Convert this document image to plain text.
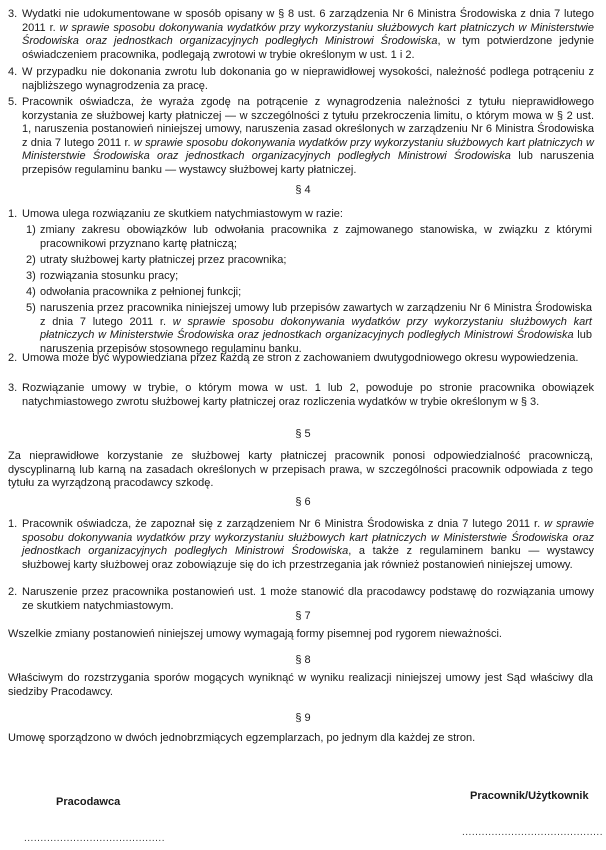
3. Wydatki nie udokumentowane w sposób opisany w § 8 ust. 6 zarządzenia Nr 6 Ministra Środowiska z dnia 7 lutego 2011 r. w sprawie sposobu dokonywania wydatków przy wykorzystaniu służbowych kart płatniczych w Ministerstwie Środowiska oraz jednostkach organizacyjnych podległych Ministrowi Środowiska, w tym potwierdzone jedynie oświadczeniem pracownika, podlegają zwrotowi w trybie określonym w ust. 1 i 2.
4. W przypadku nie dokonania zwrotu lub dokonania go w nieprawidłowej wysokości, należność podlega potrąceniu z najbliższego wynagrodzenia za pracę.
5. Pracownik oświadcza, że wyraża zgodę na potrącenie z wynagrodzenia należności z tytułu nieprawidłowego korzystania ze służbowej karty płatniczej — w szczególności z tytułu przekroczenia limitu, o którym mowa w § 2 ust. 1, naruszenia postanowień niniejszej umowy, naruszenia zasad określonych w zarządzeniu Nr 6 Ministra Środowiska z dnia 7 lutego 2011 r. w sprawie sposobu dokonywania wydatków przy wykorzystaniu służbowych kart płatniczych w Ministerstwie Środowiska oraz jednostkach organizacyjnych podległych Ministrowi Środowiska lub naruszenia przepisów regulaminu banku — wystawcy służbowej karty płatniczej.
§ 4
1. Umowa ulega rozwiązaniu ze skutkiem natychmiastowym w razie:
1) zmiany zakresu obowiązków lub odwołania pracownika z zajmowanego stanowiska, w związku z którymi pracownikowi przyznano kartę płatniczą;
2) utraty służbowej karty płatniczej przez pracownika;
3) rozwiązania stosunku pracy;
4) odwołania pracownika z pełnionej funkcji;
5) naruszenia przez pracownika niniejszej umowy lub przepisów zawartych w zarządzeniu Nr 6 Ministra Środowiska z dnia 7 lutego 2011 r. w sprawie sposobu dokonywania wydatków przy wykorzystaniu służbowych kart płatniczych w Ministerstwie Środowiska oraz jednostkach organizacyjnych podległych Ministrowi Środowiska lub naruszenia przepisów stosownego regulaminu banku.
2. Umowa może być wypowiedziana przez każdą ze stron z zachowaniem dwutygodniowego okresu wypowiedzenia.
3. Rozwiązanie umowy w trybie, o którym mowa w ust. 1 lub 2, powoduje po stronie pracownika obowiązek natychmiastowego zwrotu służbowej karty płatniczej oraz rozliczenia wydatków w trybie określonym w § 3.
§ 5
Za nieprawidłowe korzystanie ze służbowej karty płatniczej pracownik ponosi odpowiedzialność pracowniczą, dyscyplinarną lub karną na zasadach określonych w przepisach prawa, w szczególności pracownik odpowiada z tego tytułu za wyrządzoną pracodawcy szkodę.
§ 6
1. Pracownik oświadcza, że zapoznał się z zarządzeniem Nr 6 Ministra Środowiska z dnia 7 lutego 2011 r. w sprawie sposobu dokonywania wydatków przy wykorzystaniu służbowych kart płatniczych w Ministerstwie Środowiska oraz jednostkach organizacyjnych podległych Ministrowi Środowiska, a także z regulaminem banku — wystawcy służbowej karty służbowej oraz zobowiązuje się do ich przestrzegania jak również postanowień niniejszej umowy.
2. Naruszenie przez pracownika postanowień ust. 1 może stanowić dla pracodawcy podstawę do rozwiązania umowy ze skutkiem natychmiastowym.
§ 7
Wszelkie zmiany postanowień niniejszej umowy wymagają formy pisemnej pod rygorem nieważności.
§ 8
Właściwym do rozstrzygania sporów mogących wyniknąć w wyniku realizacji niniejszej umowy jest Sąd właściwy dla siedziby Pracodawcy.
§ 9
Umowę sporządzono w dwóch jednobrzmiących egzemplarzach, po jednym dla każdej ze stron.
Pracodawca	Pracownik/Użytkownik
...........................................
...........................................
